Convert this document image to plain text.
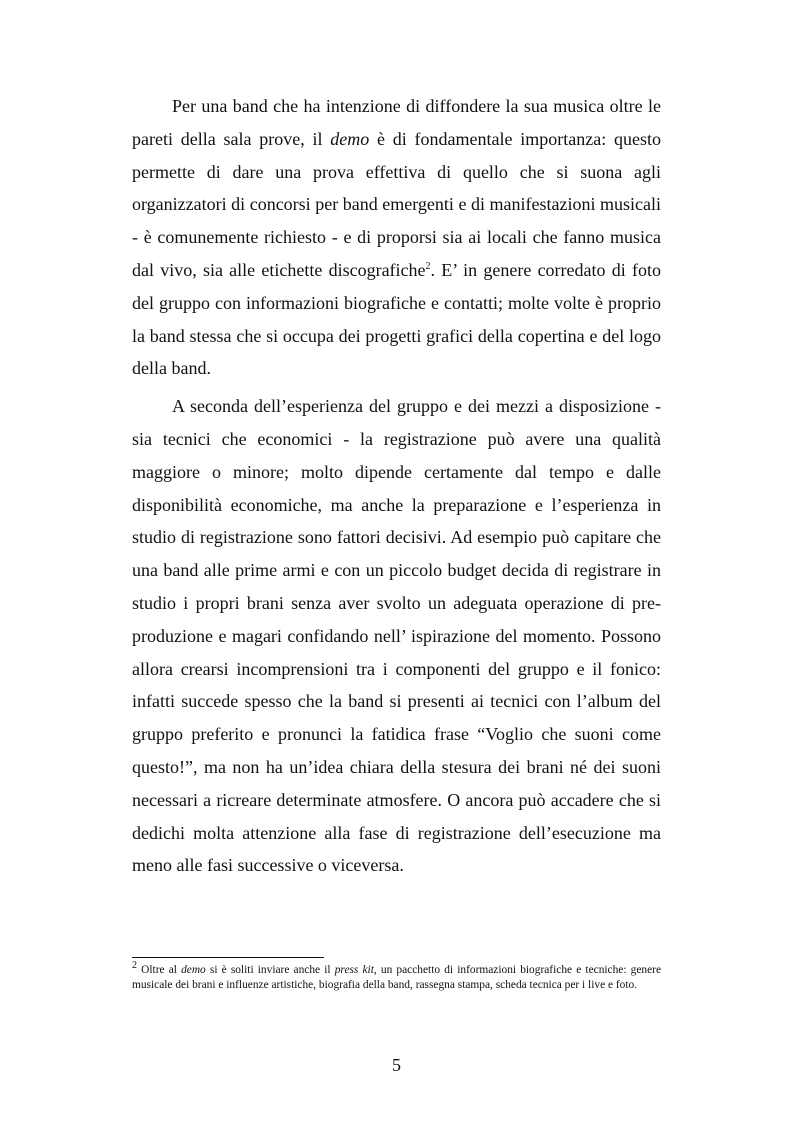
Per una band che ha intenzione di diffondere la sua musica oltre le pareti della sala prove, il demo è di fondamentale importanza: questo permette di dare una prova effettiva di quello che si suona agli organizzatori di concorsi per band emergenti e di manifestazioni musicali - è comunemente richiesto - e di proporsi sia ai locali che fanno musica dal vivo, sia alle etichette discografiche$^2$. E’ in genere corredato di foto del gruppo con informazioni biografiche e contatti; molte volte è proprio la band stessa che si occupa dei progetti grafici della copertina e del logo della band.

A seconda dell’esperienza del gruppo e dei mezzi a disposizione - sia tecnici che economici - la registrazione può avere una qualità maggiore o minore; molto dipende certamente dal tempo e dalle disponibilità economiche, ma anche la preparazione e l’esperienza in studio di registrazione sono fattori decisivi. Ad esempio può capitare che una band alle prime armi e con un piccolo budget decida di registrare in studio i propri brani senza aver svolto un adeguata operazione di pre-produzione e magari confidando nell’ ispirazione del momento. Possono allora crearsi incomprensioni tra i componenti del gruppo e il fonico: infatti succede spesso che la band si presenti ai tecnici con l’album del gruppo preferito e pronunci la fatidica frase “Voglio che suoni come questo!”, ma non ha un’idea chiara della stesura dei brani né dei suoni necessari a ricreare determinate atmosfere. O ancora può accadere che si dedichi molta attenzione alla fase di registrazione dell’esecuzione ma meno alle fasi successive o viceversa.

$^2$ Oltre al demo si è soliti inviare anche il press kit, un pacchetto di informazioni biografiche e tecniche: genere musicale dei brani e influenze artistiche, biografia della band, rassegna stampa, scheda tecnica per i live e foto.

5
